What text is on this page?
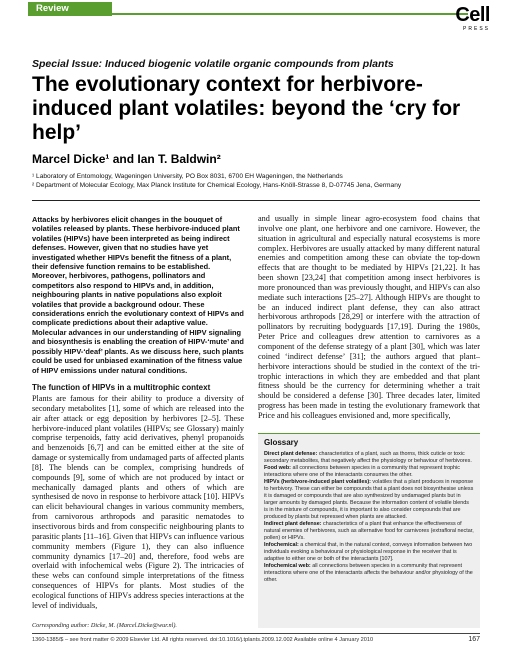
Review	Cell
PRESS
Special Issue: Induced biogenic volatile organic compounds from plants
The evolutionary context for herbivore-induced plant volatiles: beyond the ‘cry for help’
Marcel Dicke¹ and Ian T. Baldwin²
¹ Laboratory of Entomology, Wageningen University, PO Box 8031, 6700 EH Wageningen, the Netherlands
² Department of Molecular Ecology, Max Planck Institute for Chemical Ecology, Hans-Knöll-Strasse 8, D-07745 Jena, Germany
Attacks by herbivores elicit changes in the bouquet of volatiles released by plants. These herbivore-induced plant volatiles (HIPVs) have been interpreted as being indirect defenses. However, given that no studies have yet investigated whether HIPVs benefit the fitness of a plant, their defensive function remains to be established. Moreover, herbivores, pathogens, pollinators and competitors also respond to HIPVs and, in addition, neighbouring plants in native populations also exploit volatiles that provide a background odour. These considerations enrich the evolutionary context of HIPVs and complicate predictions about their adaptive value. Molecular advances in our understanding of HIPV signaling and biosynthesis is enabling the creation of HIPV-‘mute’ and possibly HIPV-‘deaf’ plants. As we discuss here, such plants could be used for unbiased examination of the fitness value of HIPV emissions under natural conditions.
The function of HIPVs in a multitrophic context
Plants are famous for their ability to produce a diversity of secondary metabolites [1], some of which are released into the air after attack or egg deposition by herbivores [2–5]. These herbivore-induced plant volatiles (HIPVs; see Glossary) mainly comprise terpenoids, fatty acid derivatives, phenyl propanoids and benzenoids [6,7] and can be emitted either at the site of damage or systemically from undamaged parts of affected plants [8]. The blends can be complex, comprising hundreds of compounds [9], some of which are not produced by intact or mechanically damaged plants and others of which are synthesised de novo in response to herbivore attack [10]. HIPVs can elicit behavioural changes in various community members, from carnivorous arthropods and parasitic nematodes to insectivorous birds and from conspecific neighbouring plants to parasitic plants [11–16]. Given that HIPVs can influence various community members (Figure 1), they can also influence community dynamics [17–20] and, therefore, food webs are overlaid with infochemical webs (Figure 2). The intricacies of these webs can confound simple interpretations of the fitness consequences of HIPVs for plants. Most studies of the ecological functions of HIPVs address species interactions at the level of individuals,
and usually in simple linear agro-ecosystem food chains that involve one plant, one herbivore and one carnivore. However, the situation in agricultural and especially natural ecosystems is more complex. Herbivores are usually attacked by many different natural enemies and competition among these can obviate the top-down effects that are thought to be mediated by HIPVs [21,22]. It has been shown [23,24] that competition among insect herbivores is more pronounced than was previously thought, and HIPVs can also mediate such interactions [25–27]. Although HIPVs are thought to be an induced indirect plant defense, they can also attract herbivorous arthropods [28,29] or interfere with the attraction of pollinators by recruiting bodyguards [17,19]. During the 1980s, Peter Price and colleagues drew attention to carnivores as a component of the defense strategy of a plant [30], which was later coined ‘indirect defense’ [31]; the authors argued that plant–herbivore interactions should be studied in the context of the tri-trophic interactions in which they are embedded and that plant fitness should be the currency for determining whether a trait should be considered a defense [30]. Three decades later, limited progress has been made in testing the evolutionary framework that Price and his colleagues envisioned and, more specifically,
Glossary
Direct plant defense: characteristics of a plant, such as thorns, thick cuticle or toxic secondary metabolites, that negatively affect the physiology or behaviour of herbivores.
Food web: all connections between species in a community that represent trophic interactions where one of the interactants consumes the other.
HIPVs (herbivore-induced plant volatiles): volatiles that a plant produces in response to herbivory. These can either be compounds that a plant does not biosynthesise unless it is damaged or compounds that are also synthesized by undamaged plants but in larger amounts by damaged plants. Because the information content of volatile blends is in the mixture of compounds, it is important to also consider compounds that are produced by plants but repressed when plants are attacked.
Indirect plant defense: characteristics of a plant that enhance the effectiveness of natural enemies of herbivores, such as alternative food for carnivores (extrafloral nectar, pollen) or HIPVs.
Infochemical: a chemical that, in the natural context, conveys information between two individuals evoking a behavioural or physiological response in the receiver that is adaptive to either one or both of the interactants [107].
Infochemical web: all connections between species in a community that represent interactions where one of the interactants affects the behaviour and/or physiology of the other.
Corresponding author: Dicke, M. (Marcel.Dicke@wur.nl).
1360-1385/$ – see front matter © 2009 Elsevier Ltd. All rights reserved. doi:10.1016/j.tplants.2009.12.002 Available online 4 January 2010	167
